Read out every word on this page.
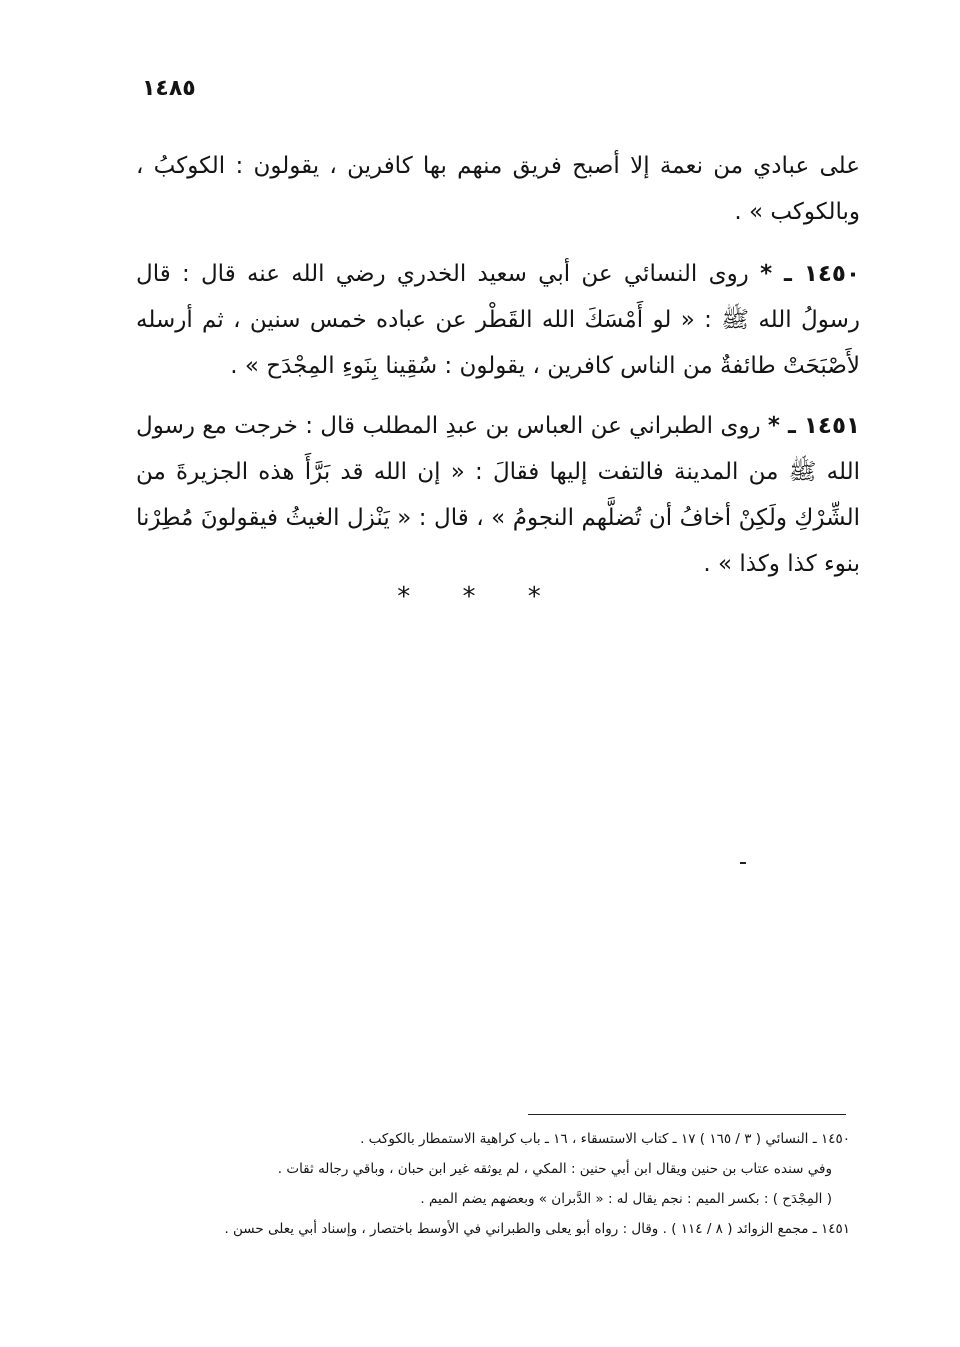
١٤٨٥
على عبادي من نعمة إلا أصبح فريق منهم بها كافرين ، يقولون : الكوكبُ ، وبالكوكب » .
١٤٥٠ ـ * روى النسائي عن أبي سعيد الخدري رضي الله عنه قال : قال رسولُ الله ﷺ : « لو أَمْسَكَ الله القَطْر عن عباده خمس سنين ، ثم أرسله لأَصْبَحَتْ طائفةٌ من الناس كافرين ، يقولون : سُقِينا بِنَوءِ المِجْدَح » .
١٤٥١ ـ * روى الطبراني عن العباس بن عبدِ المطلب قال : خرجت مع رسول الله ﷺ من المدينة فالتفت إليها فقالَ : « إن الله قد بَرَّأَ هذه الجزيرةَ من الشِّرْكِ ولَكِنْ أخافُ أن تُضلَّهم النجومُ » ، قال : « يَنْزل الغيثُ فيقولونَ مُطِرْنا بنوء كذا وكذا » .
* * *
١٤٥٠ ـ النسائي ( ٣ / ١٦٥ ) ١٧ ـ كتاب الاستسقاء ، ١٦ ـ باب كراهية الاستمطار بالكوكب .
وفي سنده عتاب بن حنين ويقال ابن أبي حنين : المكي ، لم يوثقه غير ابن حبان ، وباقي رجاله ثقات .
( المِجْدَح ) : بكسر الميم : نجم يقال له : « الدَّبران » وبعضهم يضم الميم .
١٤٥١ ـ مجمع الزوائد ( ٨ / ١١٤ ) . وقال : رواه أبو يعلى والطبراني في الأوسط باختصار ، وإسناد أبي يعلى حسن .
